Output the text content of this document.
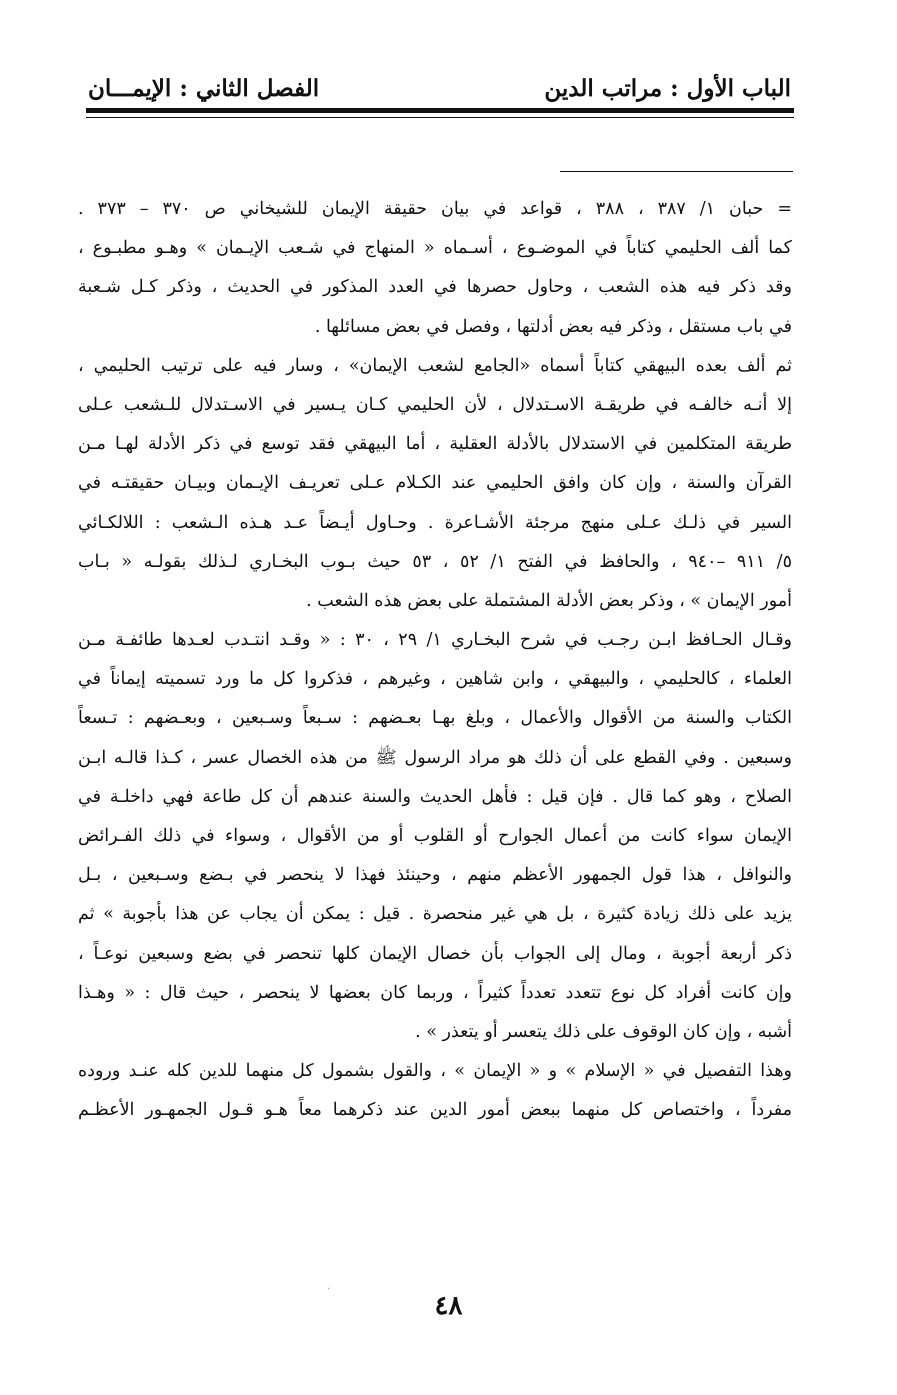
الباب الأول : مراتب الدين
الفصل الثاني : الإيمـــان
= حبان ١/ ٣٨٧ ، ٣٨٨ ، قواعد في بيان حقيقة الإيمان للشيخاني ص ٣٧٠ – ٣٧٣ .
كما ألف الحليمي كتاباً في الموضـوع ، أسـماه « المنهاج في شـعب الإيـمان » وهـو مطبـوع ،
وقد ذكر فيه هذه الشعب ، وحاول حصرها في العدد المذكور في الحديث ، وذكر كـل شـعبة
في باب مستقل ، وذكر فيه بعض أدلتها ، وفصل في بعض مسائلها .
ثم ألف بعده البيهقي كتاباً أسماه «الجامع لشعب الإيمان» ، وسار فيه على ترتيب الحليمي ،
إلا أنـه خالفـه في طريقـة الاسـتدلال ، لأن الحليمي كـان يـسير في الاسـتدلال للـشعب عـلى
طريقة المتكلمين في الاستدلال بالأدلة العقلية ، أما البيهقي فقد توسع في ذكر الأدلة لهـا مـن
القرآن والسنة ، وإن كان وافق الحليمي عند الكـلام عـلى تعريـف الإيـمان وبيـان حقيقتـه في
السير في ذلـك عـلى منهج مرجئة الأشـاعرة . وحـاول أيـضاً عـد هـذه الـشعب : اللالكـائي
٥/ ٩١١ –٩٤٠ ، والحافظ في الفتح ١/ ٥٢ ، ٥٣ حيث بـوب البخـاري لـذلك بقولـه « بـاب
أمور الإيمان » ، وذكر بعض الأدلة المشتملة على بعض هذه الشعب .
وقـال الحـافظ ابـن رجـب في شرح البخـاري ١/ ٢٩ ، ٣٠ : « وقـد انتـدب لعـدها طائفـة مـن
العلماء ، كالحليمي ، والبيهقي ، وابن شاهين ، وغيرهم ، فذكروا كل ما ورد تسميته إيماناً في
الكتاب والسنة من الأقوال والأعمال ، وبلغ بهـا بعـضهم : سـبعاً وسـبعين ، وبعـضهم : تـسعاً
وسبعين . وفي القطع على أن ذلك هو مراد الرسول ﷺ من هذه الخصال عسر ، كـذا قالـه ابـن
الصلاح ، وهو كما قال . فإن قيل : فأهل الحديث والسنة عندهم أن كل طاعة فهي داخلـة في
الإيمان سواء كانت من أعمال الجوارح أو القلوب أو من الأقوال ، وسواء في ذلك الفـرائض
والنوافل ، هذا قول الجمهور الأعظم منهم ، وحينئذ فهذا لا ينحصر في بـضع وسـبعين ، بـل
يزيد على ذلك زيادة كثيرة ، بل هي غير منحصرة . قيل : يمكن أن يجاب عن هذا بأجوبة » ثم
ذكر أربعة أجوبة ، ومال إلى الجواب بأن خصال الإيمان كلها تنحصر في بضع وسبعين نوعـاً ،
وإن كانت أفراد كل نوع تتعدد تعدداً كثيراً ، وربما كان بعضها لا ينحصر ، حيث قال : « وهـذا
أشبه ، وإن كان الوقوف على ذلك يتعسر أو يتعذر » .
وهذا التفصيل في « الإسلام » و « الإيمان » ، والقول بشمول كل منهما للدين كله عنـد وروده
مفرداً ، واختصاص كل منهما ببعض أمور الدين عند ذكرهما معاً هـو قـول الجمهـور الأعظـم
·
٤٨
